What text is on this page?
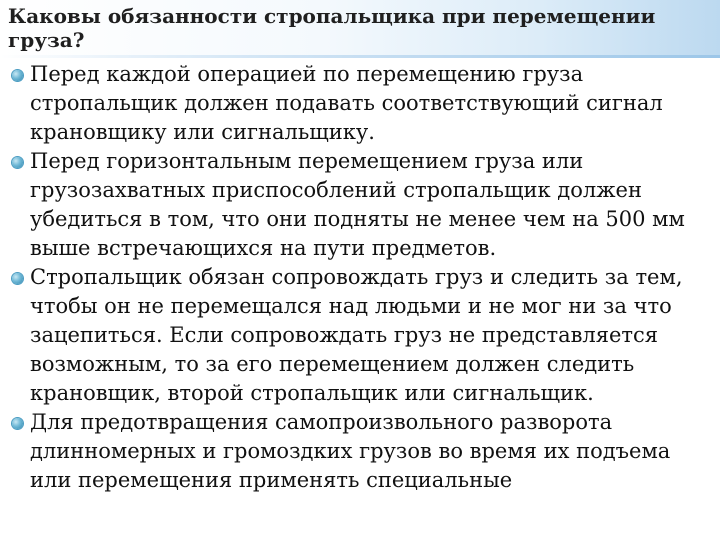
Каковы обязанности стропальщика при перемещении груза?
Перед каждой операцией по перемещению груза стропальщик должен подавать соответствующий сигнал крановщику или сигнальщику.
Перед горизонтальным перемещением груза или грузозахватных приспособлений стропальщик должен убедиться в том, что они подняты не менее чем на 500 мм выше встречающихся на пути предметов.
Стропальщик обязан сопровождать груз и следить за тем, чтобы он не перемещался над людьми и не мог ни за что зацепиться. Если сопровождать груз не представляется возможным, то за его перемещением должен следить крановщик, второй стропальщик или сигнальщик.
Для предотвращения самопроизвольного разворота длинномерных и громоздких грузов во время их подъема или перемещения применять специальные
